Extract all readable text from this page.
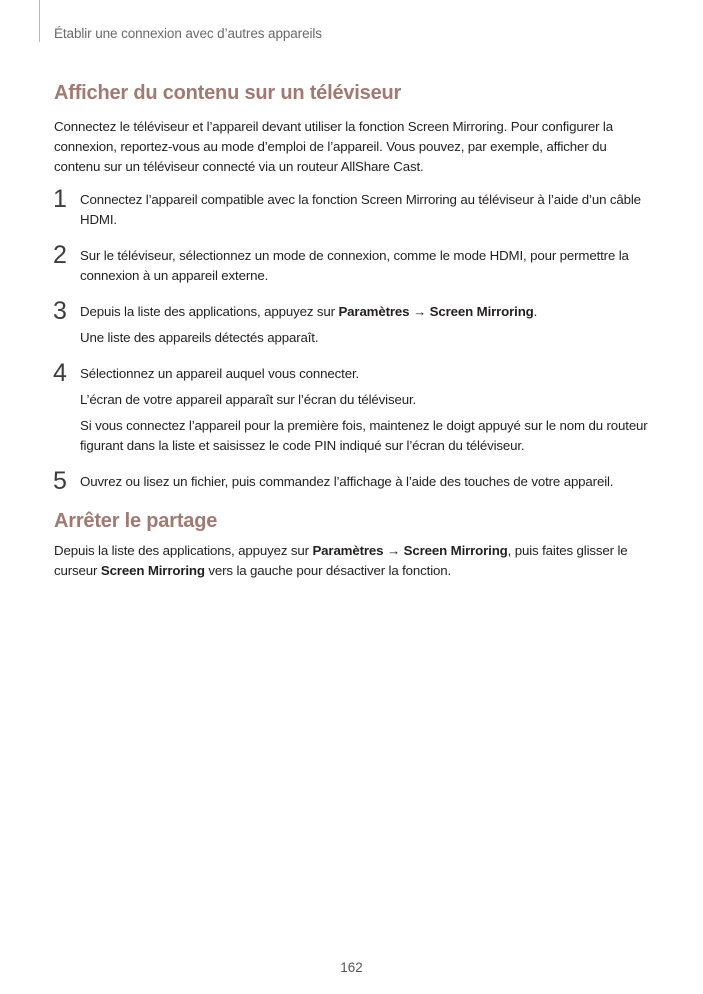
Établir une connexion avec d’autres appareils
Afficher du contenu sur un téléviseur

Connectez le téléviseur et l’appareil devant utiliser la fonction Screen Mirroring. Pour configurer la connexion, reportez-vous au mode d’emploi de l’appareil. Vous pouvez, par exemple, afficher du contenu sur un téléviseur connecté via un routeur AllShare Cast.

1 Connectez l’appareil compatible avec la fonction Screen Mirroring au téléviseur à l’aide d’un câble HDMI.

2 Sur le téléviseur, sélectionnez un mode de connexion, comme le mode HDMI, pour permettre la connexion à un appareil externe.

3 Depuis la liste des applications, appuyez sur Paramètres → Screen Mirroring.

Une liste des appareils détectés apparaît.

4 Sélectionnez un appareil auquel vous connecter.

L’écran de votre appareil apparaît sur l’écran du téléviseur.

Si vous connectez l’appareil pour la première fois, maintenez le doigt appuyé sur le nom du routeur figurant dans la liste et saisissez le code PIN indiqué sur l’écran du téléviseur.

5 Ouvrez ou lisez un fichier, puis commandez l’affichage à l’aide des touches de votre appareil.

Arrêter le partage

Depuis la liste des applications, appuyez sur Paramètres → Screen Mirroring, puis faites glisser le curseur Screen Mirroring vers la gauche pour désactiver la fonction.

162
